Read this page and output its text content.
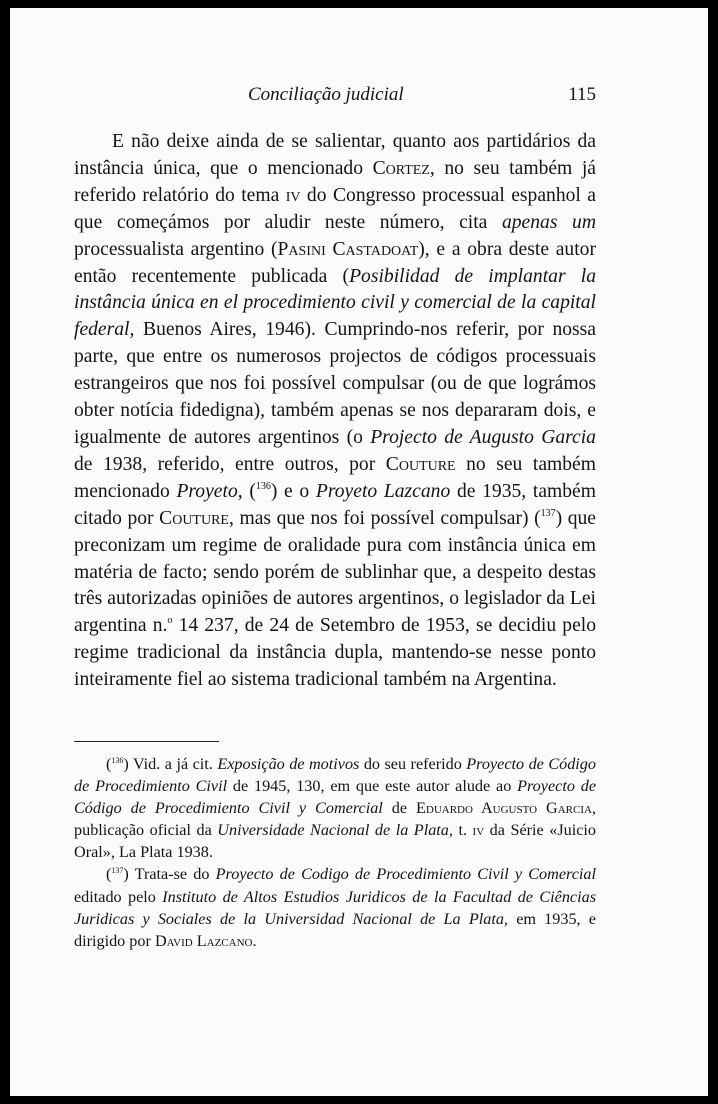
Conciliação judicial	115

E não deixe ainda de se salientar, quanto aos partidários da instância única, que o mencionado Cortez, no seu também já referido relatório do tema iv do Congresso processual espanhol a que começámos por aludir neste número, cita apenas um processualista argentino (Pasini Castadoat), e a obra deste autor então recentemente publicada (Posibilidad de implantar la instância única en el procedimiento civil y comercial de la capital federal, Buenos Aires, 1946). Cumprindo-nos referir, por nossa parte, que entre os numerosos projectos de códigos processuais estrangeiros que nos foi possível compulsar (ou de que lográmos obter notícia fidedigna), também apenas se nos depararam dois, e igualmente de autores argentinos (o Projecto de Augusto Garcia de 1938, referido, entre outros, por Couture no seu também mencionado Proyeto, ($^{136}$) e o Proyeto Lazcano de 1935, também citado por Couture, mas que nos foi possível compulsar) ($^{137}$) que preconizam um regime de oralidade pura com instância única em matéria de facto; sendo porém de sublinhar que, a despeito destas três autorizadas opiniões de autores argentinos, o legislador da Lei argentina n.$^o$ 14 237, de 24 de Setembro de 1953, se decidiu pelo regime tradicional da instância dupla, mantendo-se nesse ponto inteiramente fiel ao sistema tradicional também na Argentina.

($^{136}$) Vid. a já cit. Exposição de motivos do seu referido Proyecto de Código de Procedimiento Civil de 1945, 130, em que este autor alude ao Proyecto de Código de Procedimiento Civil y Comercial de Eduardo Augusto Garcia, publicação oficial da Universidade Nacional de la Plata, t. iv da Série «Juicio Oral», La Plata 1938.

($^{137}$) Trata-se do Proyecto de Codigo de Procedimiento Civil y Comercial editado pelo Instituto de Altos Estudios Juridicos de la Facultad de Ciências Juridicas y Sociales de la Universidad Nacional de La Plata, em 1935, e dirigido por David Lazcano.
